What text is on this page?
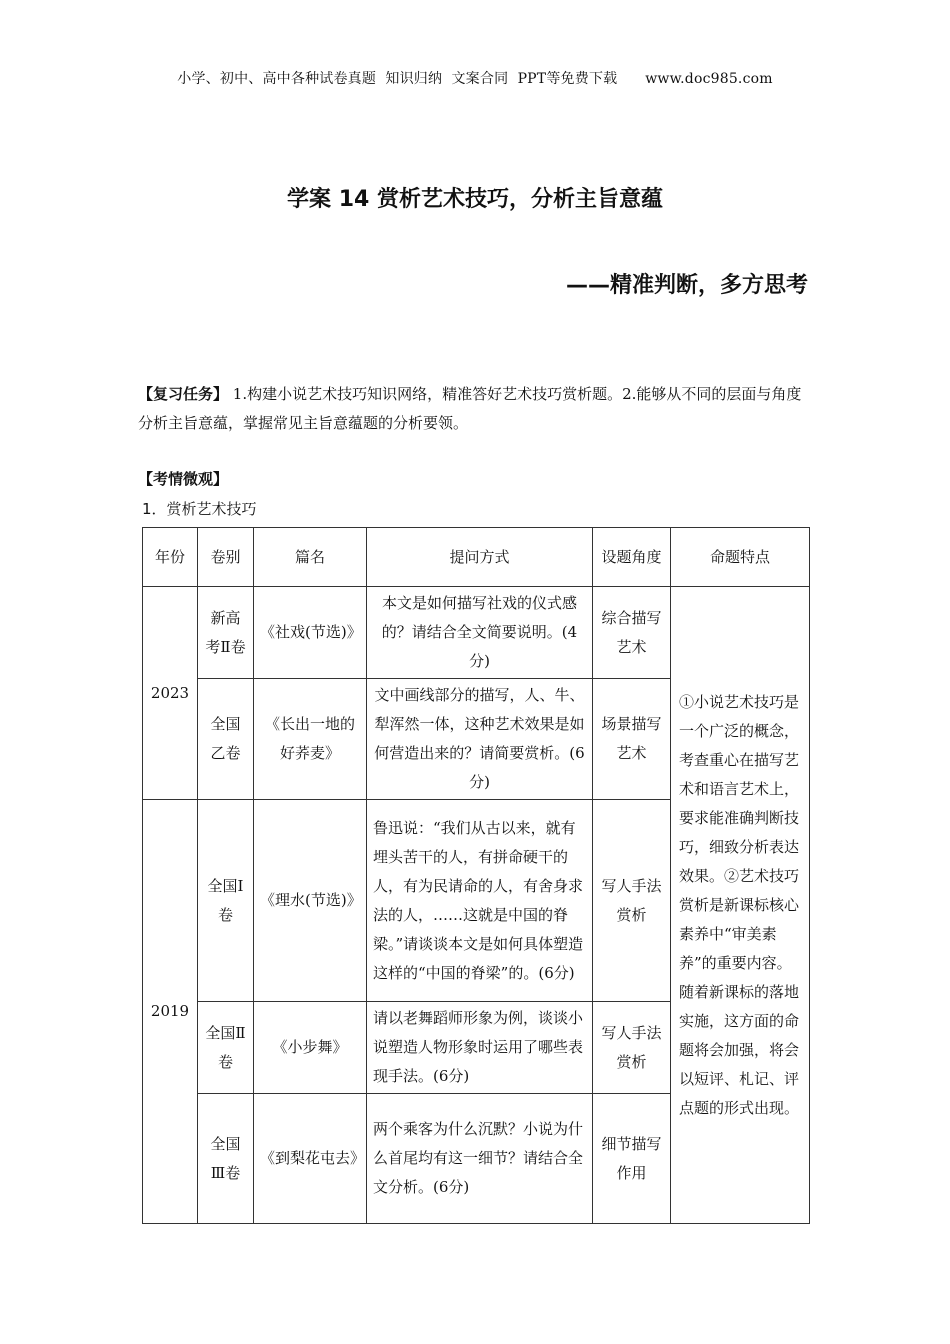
小学、初中、高中各种试卷真题  知识归纳  文案合同  PPT等免费下载      www.doc985.com
学案 14 赏析艺术技巧，分析主旨意蕴
——精准判断，多方思考
【复习任务】 1.构建小说艺术技巧知识网络，精准答好艺术技巧赏析题。2.能够从不同的层面与角度分析主旨意蕴，掌握常见主旨意蕴题的分析要领。
【考情微观】
1．赏析艺术技巧
年份	卷别	篇名	提问方式	设题角度	命题特点
2023	新高考Ⅱ卷	《社戏(节选)》	本文是如何描写社戏的仪式感的？请结合全文简要说明。(4分)	综合描写艺术	①小说艺术技巧是一个广泛的概念，考查重心在描写艺术和语言艺术上，要求能准确判断技巧，细致分析表达效果。②艺术技巧赏析是新课标核心素养中“审美素养”的重要内容。随着新课标的落地实施，这方面的命题将会加强，将会以短评、札记、评点题的形式出现。
	全国乙卷	《长出一地的好荞麦》	文中画线部分的描写，人、牛、犁浑然一体，这种艺术效果是如何营造出来的？请简要赏析。(6分)	场景描写艺术	
2019	全国Ⅰ卷	《理水(节选)》	鲁迅说：“我们从古以来，就有埋头苦干的人，有拼命硬干的人，有为民请命的人，有舍身求法的人，……这就是中国的脊梁。”请谈谈本文是如何具体塑造这样的“中国的脊梁”的。(6分)	写人手法赏析	
	全国Ⅱ卷	《小步舞》	请以老舞蹈师形象为例，谈谈小说塑造人物形象时运用了哪些表现手法。(6分)	写人手法赏析	
	全国Ⅲ卷	《到梨花屯去》	两个乘客为什么沉默？小说为什么首尾均有这一细节？请结合全文分析。(6分)	细节描写作用	
